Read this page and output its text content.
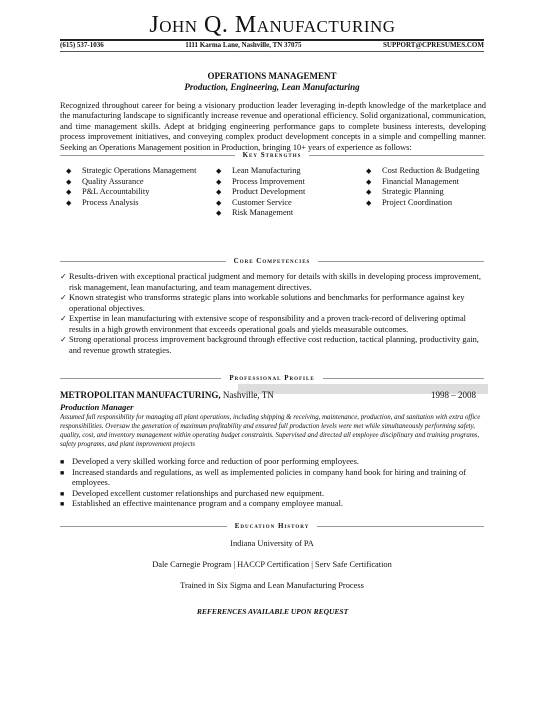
John Q. Manufacturing
(615) 537-1036	1111 Karma Lane, Nashville, TN 37075	SUPPORT@CPRESUMES.COM
OPERATIONS MANAGEMENT
Production, Engineering, Lean Manufacturing
Recognized throughout career for being a visionary production leader leveraging in-depth knowledge of the marketplace and the manufacturing landscape to significantly increase revenue and operational efficiency. Solid organizational, communication, and time management skills. Adept at bridging engineering performance gaps to complete business interests, developing process improvement initiatives, and conveying complex product development concepts in a simple and compelling manner. Seeking an Operations Management position in Production, bringing 10+ years of experience as follows:
Key Strengths
◆ Strategic Operations Management
◆ Quality Assurance
◆ P&L Accountability
◆ Process Analysis
◆ Lean Manufacturing
◆ Process Improvement
◆ Product Development
◆ Customer Service
◆ Risk Management
◆ Cost Reduction & Budgeting
◆ Financial Management
◆ Strategic Planning
◆ Project Coordination
Core Competencies
✓ Results-driven with exceptional practical judgment and memory for details with skills in developing process improvement, risk management, lean manufacturing, and team management directives.
✓ Known strategist who transforms strategic plans into workable solutions and benchmarks for performance against key operational objectives.
✓ Expertise in lean manufacturing with extensive scope of responsibility and a proven track-record of delivering optimal results in a high growth environment that exceeds operational goals and yields measurable outcomes.
✓ Strong operational process improvement background through effective cost reduction, tactical planning, productivity gain, and revenue growth strategies.
Professional Profile
METROPOLITAN MANUFACTURING, Nashville, TN	1998 – 2008
Production Manager
Assumed full responsibility for managing all plant operations, including shipping & receiving, maintenance, production, and sanitation with extra office responsibilities. Oversaw the generation of maximum profitability and ensured full production levels were met while simultaneously performing safety, quality, cost, and inventory management within operating budget constraints. Supervised and directed all employee disciplinary and training programs, safety programs, and plant improvement projects
■ Developed a very skilled working force and reduction of poor performing employees.
■ Increased standards and regulations, as well as implemented policies in company hand book for hiring and training of employees.
■ Developed excellent customer relationships and purchased new equipment.
■ Established an effective maintenance program and a company employee manual.
Education History
Indiana University of PA
Dale Carnegie Program | HACCP Certification | Serv Safe Certification
Trained in Six Sigma and Lean Manufacturing Process
REFERENCES AVAILABLE UPON REQUEST
